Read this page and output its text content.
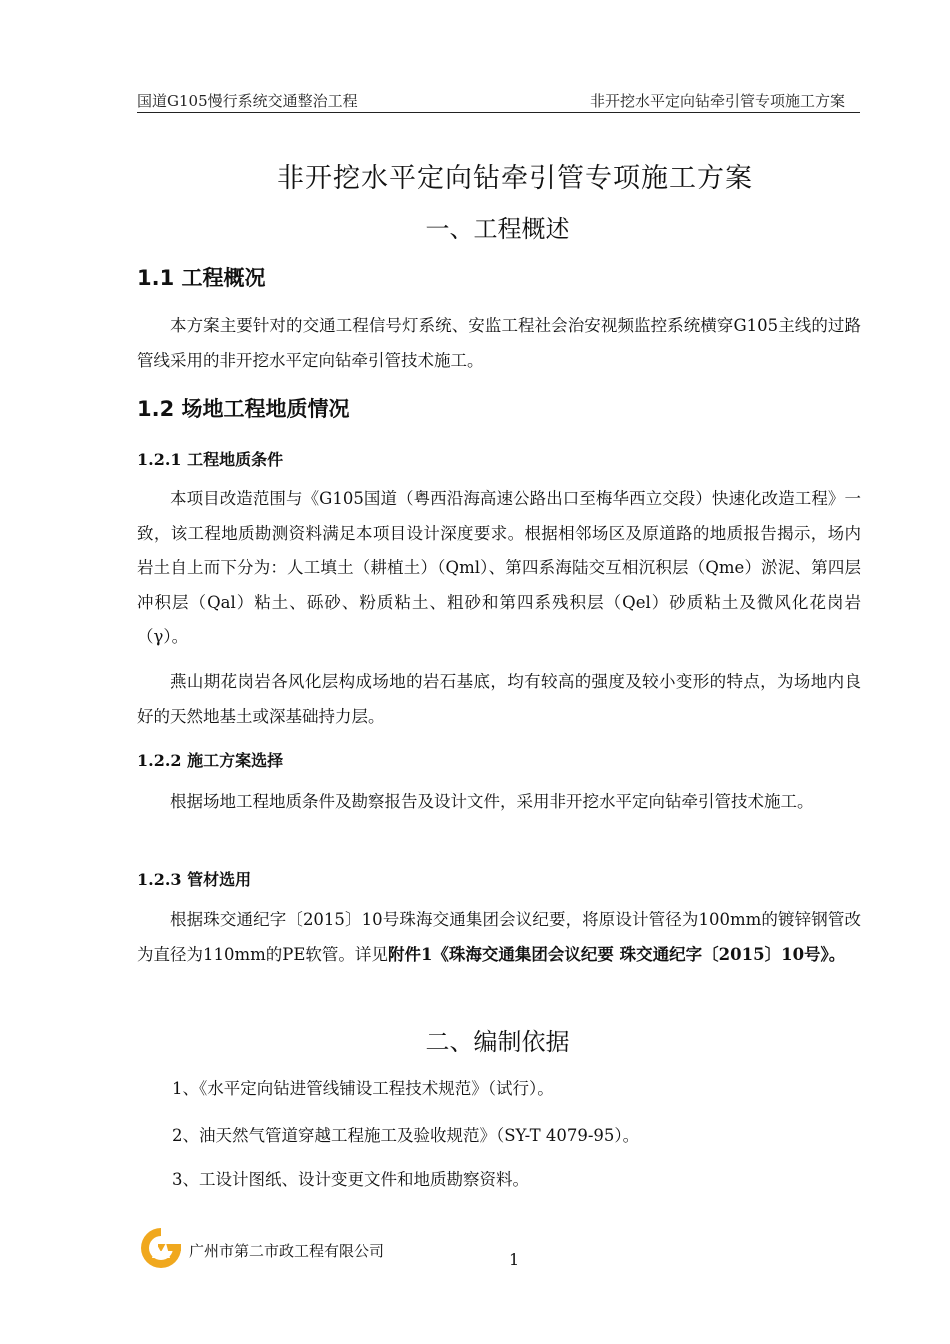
国道G105慢行系统交通整治工程	非开挖水平定向钻牵引管专项施工方案
非开挖水平定向钻牵引管专项施工方案
一、工程概述
1.1 工程概况

本方案主要针对的交通工程信号灯系统、安监工程社会治安视频监控系统横穿G105主线的过路管线采用的非开挖水平定向钻牵引管技术施工。

1.2 场地工程地质情况
1.2.1 工程地质条件

本项目改造范围与《G105国道（粤西沿海高速公路出口至梅华西立交段）快速化改造工程》一致，该工程地质勘测资料满足本项目设计深度要求。根据相邻场区及原道路的地质报告揭示，场内岩土自上而下分为：人工填土（耕植土）（Qml）、第四系海陆交互相沉积层（Qme）淤泥、第四层冲积层（Qal）粘土、砾砂、粉质粘土、粗砂和第四系残积层（Qel）砂质粘土及微风化花岗岩（γ）。

燕山期花岗岩各风化层构成场地的岩石基底，均有较高的强度及较小变形的特点，为场地内良好的天然地基土或深基础持力层。

1.2.2 施工方案选择

根据场地工程地质条件及勘察报告及设计文件，采用非开挖水平定向钻牵引管技术施工。

1.2.3 管材选用

根据珠交通纪字〔2015〕10号珠海交通集团会议纪要，将原设计管径为100mm的镀锌钢管改为直径为110mm的PE软管。详见附件1《珠海交通集团会议纪要 珠交通纪字〔2015〕10号》。

二、编制依据
1、《水平定向钻进管线铺设工程技术规范》（试行）。
2、油天然气管道穿越工程施工及验收规范》（SY-T 4079-95）。
3、工设计图纸、设计变更文件和地质勘察资料。
广州市第二市政工程有限公司	1
